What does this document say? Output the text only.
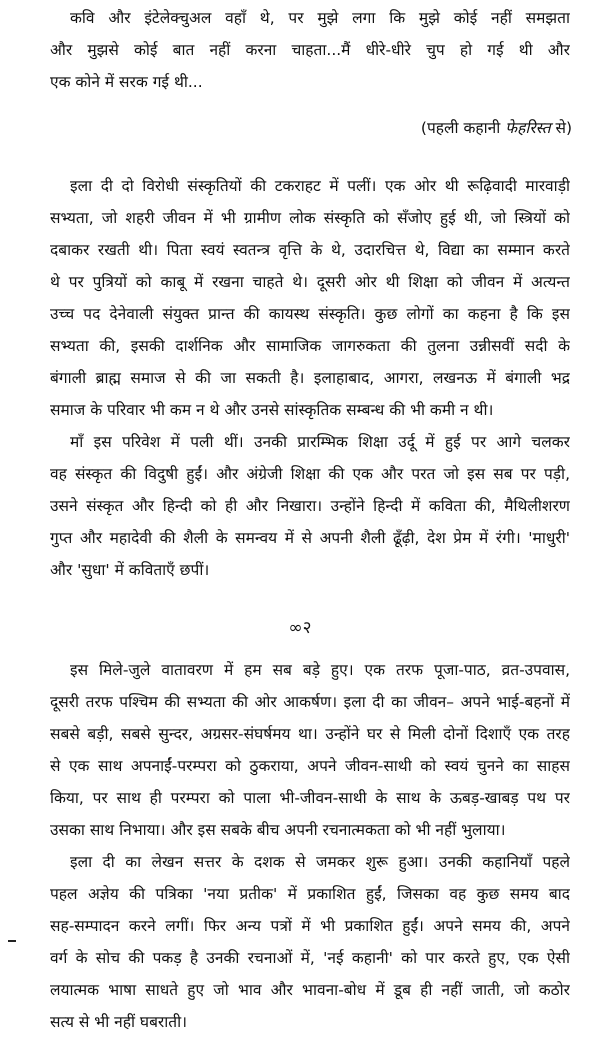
कवि और इंटेलेक्चुअल वहाँ थे, पर मुझे लगा कि मुझे कोई नहीं समझता
और मुझसे कोई बात नहीं करना चाहता...मैं धीरे-धीरे चुप हो गई थी और
एक कोने में सरक गई थी...
(पहली कहानी फेहरिस्त से)
इला दी दो विरोधी संस्कृतियों की टकराहट में पलीं। एक ओर थी रूढ़िवादी मारवाड़ी
सभ्यता, जो शहरी जीवन में भी ग्रामीण लोक संस्कृति को सँजोए हुई थी, जो स्त्रियों को
दबाकर रखती थी। पिता स्वयं स्वतन्त्र वृत्ति के थे, उदारचित्त थे, विद्या का सम्मान करते
थे पर पुत्रियों को काबू में रखना चाहते थे। दूसरी ओर थी शिक्षा को जीवन में अत्यन्त
उच्च पद देनेवाली संयुक्त प्रान्त की कायस्थ संस्कृति। कुछ लोगों का कहना है कि इस
सभ्यता की, इसकी दार्शनिक और सामाजिक जागरुकता की तुलना उन्नीसवीं सदी के
बंगाली ब्राह्म समाज से की जा सकती है। इलाहाबाद, आगरा, लखनऊ में बंगाली भद्र
समाज के परिवार भी कम न थे और उनसे सांस्कृतिक सम्बन्ध की भी कमी न थी।
माँ इस परिवेश में पली थीं। उनकी प्रारम्भिक शिक्षा उर्दू में हुई पर आगे चलकर
वह संस्कृत की विदुषी हुईं। और अंग्रेजी शिक्षा की एक और परत जो इस सब पर पड़ी,
उसने संस्कृत और हिन्दी को ही और निखारा। उन्होंने हिन्दी में कविता की, मैथिलीशरण
गुप्त और महादेवी की शैली के समन्वय में से अपनी शैली ढूँढ़ी, देश प्रेम में रंगी। 'माधुरी'
और 'सुधा' में कविताएँ छपीं।
∞२
इस मिले-जुले वातावरण में हम सब बड़े हुए। एक तरफ पूजा-पाठ, व्रत-उपवास,
दूसरी तरफ पश्चिम की सभ्यता की ओर आकर्षण। इला दी का जीवन– अपने भाई-बहनों में
सबसे बड़ी, सबसे सुन्दर, अग्रसर-संघर्षमय था। उन्होंने घर से मिली दोनों दिशाएँ एक तरह
से एक साथ अपनाईं-परम्परा को ठुकराया, अपने जीवन-साथी को स्वयं चुनने का साहस
किया, पर साथ ही परम्परा को पाला भी-जीवन-साथी के साथ के ऊबड़-खाबड़ पथ पर
उसका साथ निभाया। और इस सबके बीच अपनी रचनात्मकता को भी नहीं भुलाया।
इला दी का लेखन सत्तर के दशक से जमकर शुरू हुआ। उनकी कहानियाँ पहले
पहल अज्ञेय की पत्रिका 'नया प्रतीक' में प्रकाशित हुईं, जिसका वह कुछ समय बाद
सह-सम्पादन करने लगीं। फिर अन्य पत्रों में भी प्रकाशित हुईं। अपने समय की, अपने
वर्ग के सोच की पकड़ है उनकी रचनाओं में, 'नई कहानी' को पार करते हुए, एक ऐसी
लयात्मक भाषा साधते हुए जो भाव और भावना-बोध में डूब ही नहीं जाती, जो कठोर
सत्य से भी नहीं घबराती।
